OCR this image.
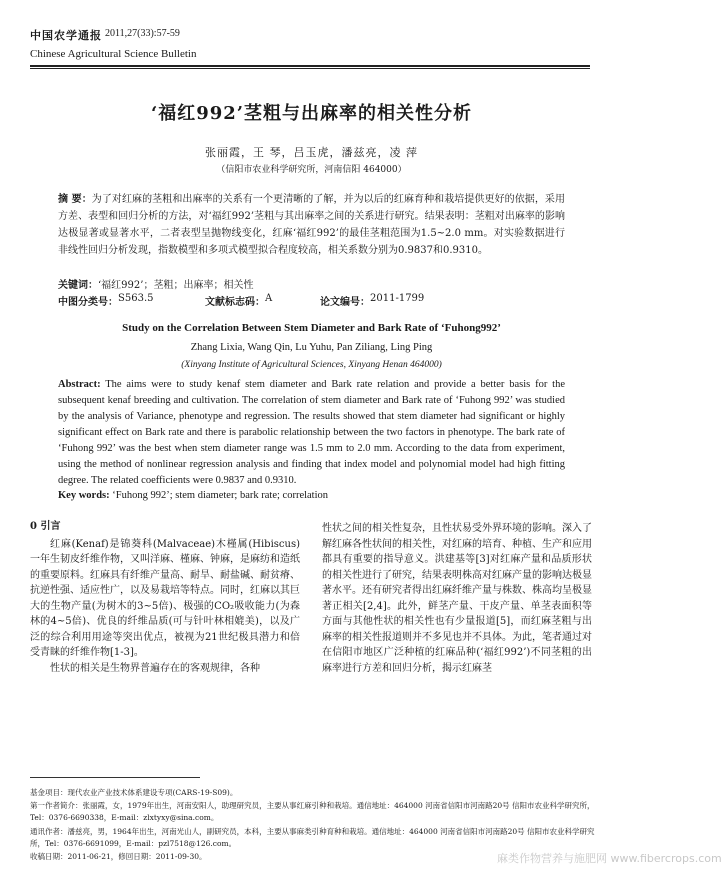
中国农学通报 2011,27(33):57-59
Chinese Agricultural Science Bulletin
‘福红992’茎粗与出麻率的相关性分析
张丽霞，王 琴，吕玉虎，潘兹亮，凌 萍
（信阳市农业科学研究所，河南信阳 464000）
摘 要：为了对红麻的茎粗和出麻率的关系有一个更清晰的了解，并为以后的红麻育种和栽培提供更好的依据，采用方差、表型和回归分析的方法，对‘福红992’茎粗与其出麻率之间的关系进行研究。结果表明：茎粗对出麻率的影响达极显著或显著水平，二者表型呈抛物线变化，红麻‘福红992’的最佳茎粗范围为1.5~2.0 mm。对实验数据进行非线性回归分析发现，指数模型和多项式模型拟合程度较高，相关系数分别为0.9837和0.9310。
关键词：‘福红992’；茎粗；出麻率；相关性
中图分类号： S563.5	文献标志码： A	论文编号： 2011-1799
Study on the Correlation Between Stem Diameter and Bark Rate of ‘Fuhong992’
Zhang Lixia, Wang Qin, Lu Yuhu, Pan Ziliang, Ling Ping
(Xinyang Institute of Agricultural Sciences, Xinyang Henan 464000)
Abstract: The aims were to study kenaf stem diameter and Bark rate relation and provide a better basis for the subsequent kenaf breeding and cultivation. The correlation of stem diameter and Bark rate of ‘Fuhong 992’ was studied by the analysis of Variance, phenotype and regression. The results showed that stem diameter had significant or highly significant effect on Bark rate and there is parabolic relationship between the two factors in phenotype. The bark rate of ‘Fuhong 992’ was the best when stem diameter range was 1.5 mm to 2.0 mm. According to the data from experiment, using the method of nonlinear regression analysis and finding that index model and polynomial model had high fitting degree. The related coefficients were 0.9837 and 0.9310.
Key words: ‘Fuhong 992’; stem diameter; bark rate; correlation
0 引言
红麻(Kenaf)是锦葵科(Malvaceae)木槿属(Hibiscus)一年生韧皮纤维作物，又叫洋麻、槿麻、钟麻，是麻纺和造纸的重要原料。红麻具有纤维产量高、耐旱、耐盐碱、耐贫瘠、抗逆性强、适应性广，以及易栽培等特点。同时，红麻以其巨大的生物产量(为树木的3~5倍)、极强的CO₂吸收能力(为森林的4~5倍)、优良的纤维品质(可与针叶林相媲美)，以及广泛的综合利用用途等突出优点，被视为21世纪极具潜力和倍受青睐的纤维作物[1-3]。
性状的相关是生物界普遍存在的客观规律，各种
性状之间的相关性复杂，且性状易受外界环境的影响。深入了解红麻各性状间的相关性，对红麻的培育、种植、生产和应用都具有重要的指导意义。洪建基等[3]对红麻产量和品质形状的相关性进行了研究，结果表明株高对红麻产量的影响达极显著水平。还有研究者得出红麻纤维产量与株数、株高均呈极显著正相关[2,4]。此外，鲜茎产量、干皮产量、单茎表面积等方面与其他性状的相关性也有少量报道[5]，而红麻茎粗与出麻率的相关性报道则并不多见也并不具体。为此，笔者通过对在信阳市地区广泛种植的红麻品种(‘福红992’)不同茎粗的出麻率进行方差和回归分析，揭示红麻茎
基金项目：现代农业产业技术体系建设专项(CARS-19-S09)。
第一作者简介：张丽霞，女，1979年出生，河南安阳人，助理研究员，主要从事红麻引种和栽培。通信地址：464000 河南省信阳市河南路20号 信阳市农业科学研究所，Tel：0376-6690338，E-mail：zlxtyxy@sina.com。
通讯作者：潘兹亮，男，1964年出生，河南光山人，副研究员，本科，主要从事麻类引种育种和栽培。通信地址：464000 河南省信阳市河南路20号 信阳市农业科学研究所，Tel：0376-6691099，E-mail：pzl7518@126.com。
收稿日期：2011-06-21，修回日期：2011-09-30。	麻类作物营养与施肥网 www.fibercrops.com
